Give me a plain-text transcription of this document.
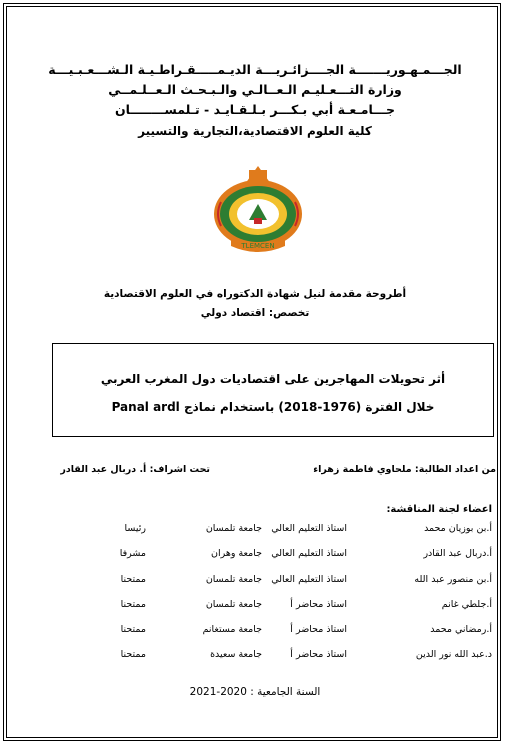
الجـــمـهـوريـــــــة الجــــزائـريـــة الديـمـــــقـراطـيـة الـشـــعـبـيـــة
وزارة التـــعـليـم الـعــالـي والـبـحـث الـعــلـمــي
جـــامـعـة أبي بـكـــر بـلـقـايـد - تـلمســــــــان
كلية العلوم الاقتصادية،التجارية والتسيير
TLEMCEN
أطروحة مقدمة لنيل شهادة الدكتوراه في العلوم الاقتصادية
تخصص: اقتصاد دولي
أثر تحويلات المهاجرين على اقتصاديات دول المغرب العربي
خلال الفترة (1976-2018) باستخدام نماذج Panal ardl
من اعداد الطالبة: ملحاوي فاطمة زهراء
تحت اشراف: أ. دربال عبد القادر
اعضاء لجنة المناقشة:
أ.بن بوزيان محمد
استاذ التعليم العالي
جامعة تلمسان
رئيسا
أ.دربال عبد القادر
استاذ التعليم العالي
جامعة وهران
مشرفا
أ.بن منصور عبد الله
استاذ التعليم العالي
جامعة تلمسان
ممتحنا
أ.جلطي غانم
استاذ محاضر أ
جامعة تلمسان
ممتحنا
أ.رمضاني محمد
استاذ محاضر أ
جامعة مستغانم
ممتحنا
د.عبد الله نور الدين
استاذ محاضر أ
جامعة سعيدة
ممتحنا
السنة الجامعية : 2020-2021
